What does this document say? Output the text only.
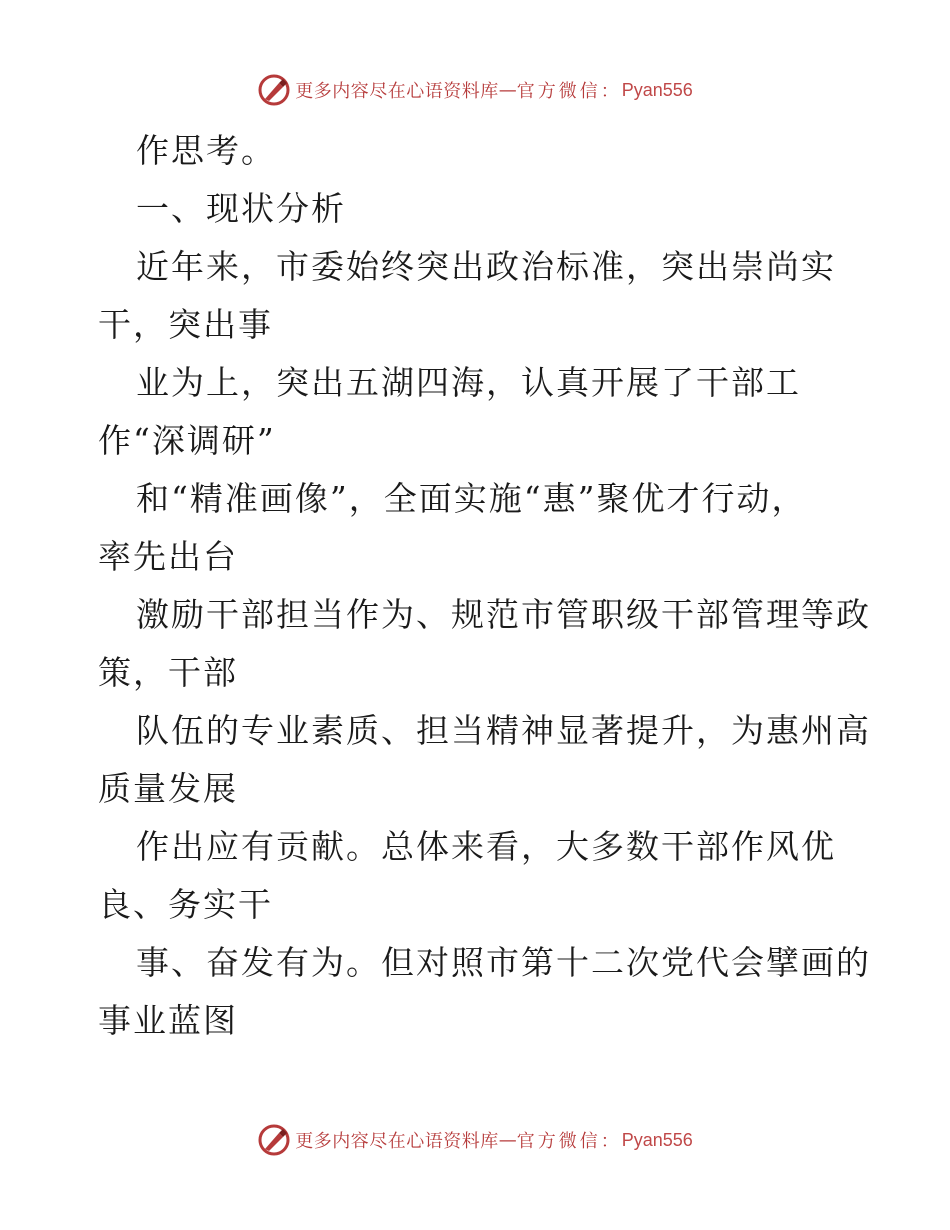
更多内容尽在心语资料库 — 官方微信： Pyan556
作思考。
一、现状分析
近年来，市委始终突出政治标准，突出崇尚实
干，突出事
业为上，突出五湖四海，认真开展了干部工
作“深调研”
和“精准画像”，全面实施“惠”聚优才行动，
率先出台
激励干部担当作为、规范市管职级干部管理等政
策，干部
队伍的专业素质、担当精神显著提升，为惠州高
质量发展
作出应有贡献。总体来看，大多数干部作风优
良、务实干
事、奋发有为。但对照市第十二次党代会擘画的
事业蓝图
更多内容尽在心语资料库 — 官方微信： Pyan556
